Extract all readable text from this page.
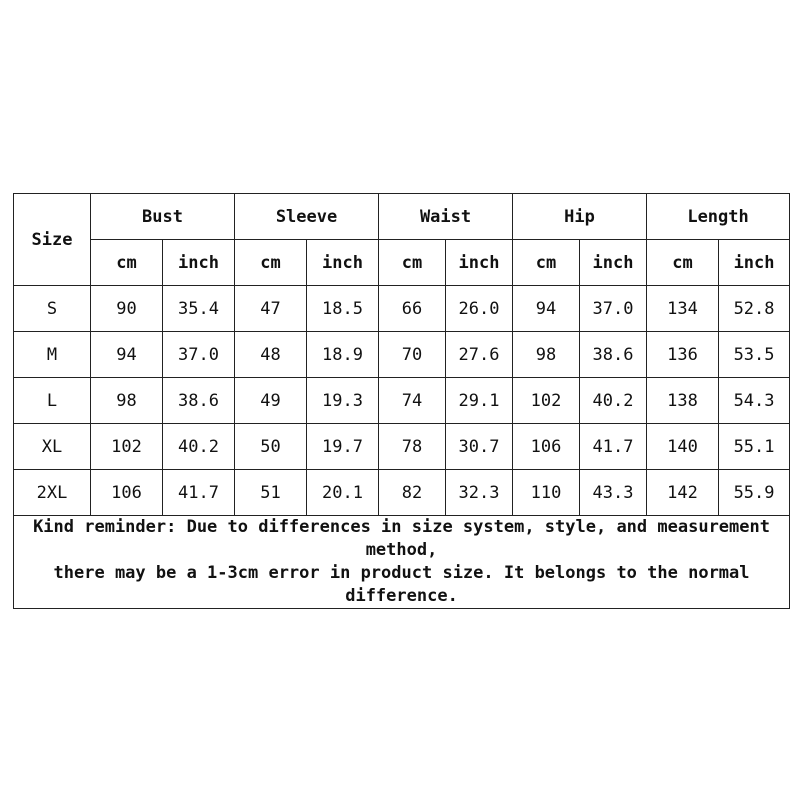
Size	Bust		Sleeve		Waist		Hip		Length	
	cm	inch	cm	inch	cm	inch	cm	inch	cm	inch
S	90	35.4	47	18.5	66	26.0	94	37.0	134	52.8
M	94	37.0	48	18.9	70	27.6	98	38.6	136	53.5
L	98	38.6	49	19.3	74	29.1	102	40.2	138	54.3
XL	102	40.2	50	19.7	78	30.7	106	41.7	140	55.1
2XL	106	41.7	51	20.1	82	32.3	110	43.3	142	55.9

Kind reminder: Due to differences in size system, style, and measurement method,
there may be a 1-3cm error in product size. It belongs to the normal difference.										
